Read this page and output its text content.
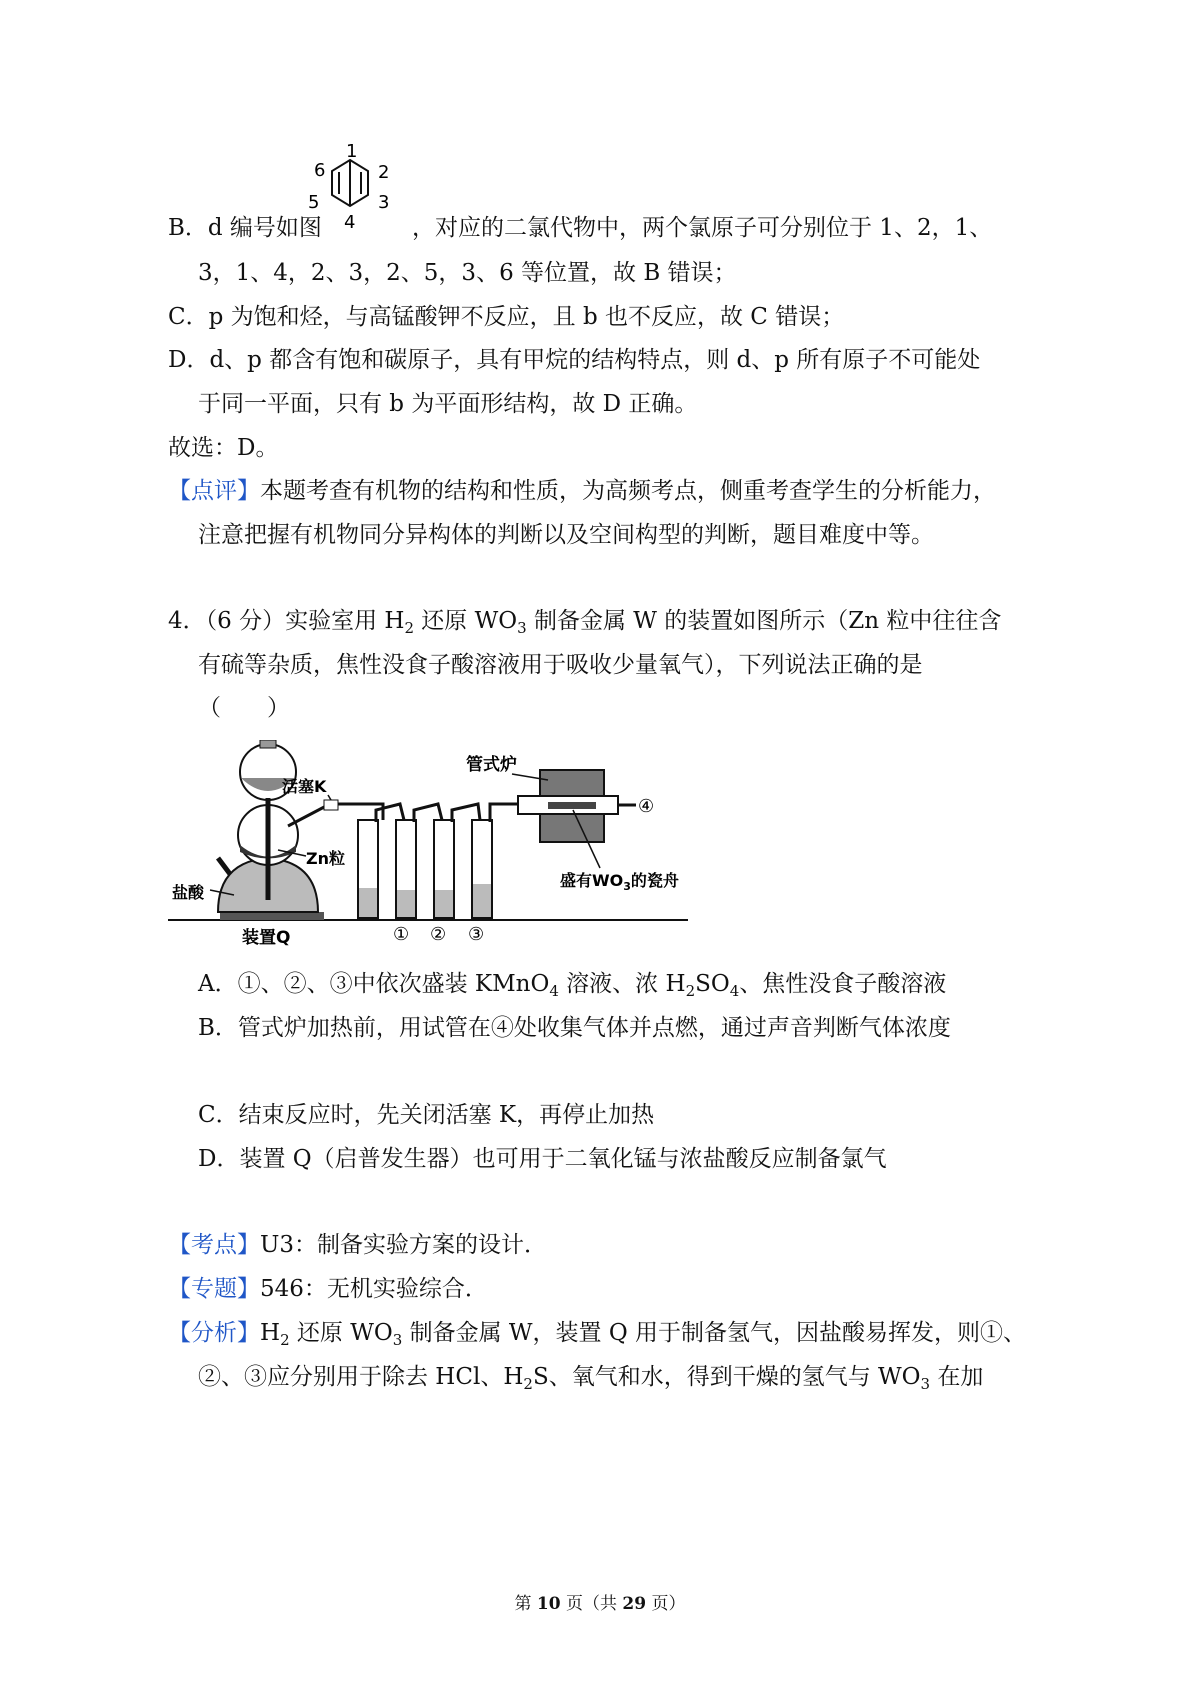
B．d 编号如图
1
2
3
4
5
6
，对应的二氯代物中，两个氯原子可分别位于 1、2，1、
3，1、4，2、3，2、5，3、6 等位置，故 B 错误；
C．p 为饱和烃，与高锰酸钾不反应，且 b 也不反应，故 C 错误；
D．d、p 都含有饱和碳原子，具有甲烷的结构特点，则 d、p 所有原子不可能处
于同一平面，只有 b 为平面形结构，故 D 正确。
故选：D。
【点评】本题考查有机物的结构和性质，为高频考点，侧重考查学生的分析能力，
注意把握有机物同分异构体的判断以及空间构型的判断，题目难度中等。
4．（6 分）实验室用 $H_2$ 还原 $WO_3$ 制备金属 W 的装置如图所示（Zn 粒中往往含
有硫等杂质，焦性没食子酸溶液用于吸收少量氧气），下列说法正确的是
（　　）
管式炉
活塞K
Zn粒
盐酸
装置Q
盛有$WO_3$的瓷舟
① ② ③
④
A．①、②、③中依次盛装 KMnO$_4$ 溶液、浓 $H_2SO_4$、焦性没食子酸溶液
B．管式炉加热前，用试管在④处收集气体并点燃，通过声音判断气体浓度
C．结束反应时，先关闭活塞 K，再停止加热
D．装置 Q（启普发生器）也可用于二氧化锰与浓盐酸反应制备氯气
【考点】U3：制备实验方案的设计．
【专题】546：无机实验综合．
【分析】$H_2$ 还原 $WO_3$ 制备金属 W，装置 Q 用于制备氢气，因盐酸易挥发，则①、
②、③应分别用于除去 HCl、$H_2S$、氧气和水，得到干燥的氢气与 $WO_3$ 在加
第 10 页（共 29 页）
